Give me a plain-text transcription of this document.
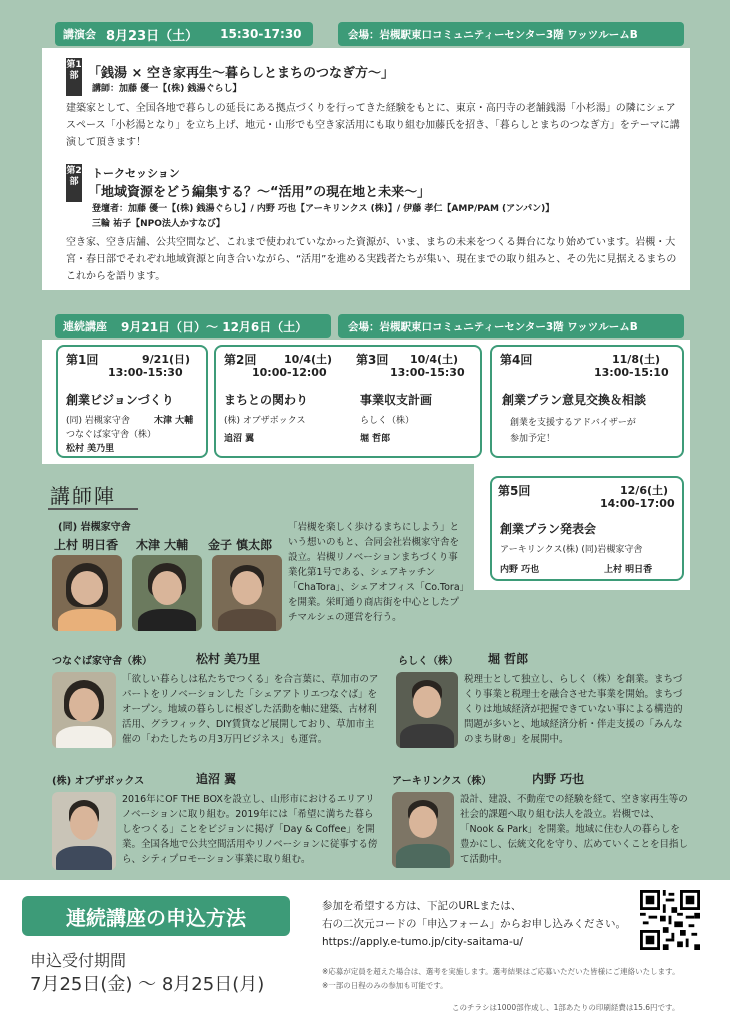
講演会 8月23日（土） 15:30-17:30	会場：岩槻駅東口コミュニティーセンター3階 ワッツルームB
第1部 「銭湯 × 空き家再生〜暮らしとまちのつなぎ方〜」
講師：加藤 優一【(株) 銭湯ぐらし】
建築家として、全国各地で暮らしの延長にある拠点づくりを行ってきた経験をもとに、東京・高円寺の老舗銭湯「小杉湯」の隣にシェアスペース「小杉湯となり」を立ち上げ、地元・山形でも空き家活用にも取り組む加藤氏を招き、「暮らしとまちのつなぎ方」をテーマに講演して頂きます！
第2部
トークセッション
「地域資源をどう編集する？〜“活用”の現在地と未来〜」
登壇者：加藤 優一【(株) 銭湯ぐらし】/ 内野 巧也【アーキリンクス (株)】/ 伊藤 孝仁【AMP/PAM (アンパン)】
三輪 祐子【NPO法人かすなび】
空き家、空き店舗、公共空間など、これまで使われていなかった資源が、いま、まちの未来をつくる舞台になり始めています。岩槻・大宮・春日部でそれぞれ地域資源と向き合いながら、“活用”を進める実践者たちが集い、現在までの取り組みと、その先に見据えるまちのこれからを語ります。
連続講座 9月21日（日）〜 12月6日（土）	会場：岩槻駅東口コミュニティーセンター3階 ワッツルームB
第1回	9/21(日)
13:00-15:30
創業ビジョンづくり
(同) 岩槻家守舎	木津 大輔
つなぐば家守舎（株）
松村 美乃里
第2回	10/4(土)
10:00-12:00
まちとの関わり
(株) オブザボックス
追沼 翼
第3回 10/4(土)
13:00-15:30
事業収支計画
らしく（株）
堀 哲郎
第4回	11/8(土)
13:00-15:10
創業プラン意見交換＆相談
創業を支援するアドバイザーが
参加予定！
第5回	12/6(土)
14:00-17:00
創業プラン発表会
アーキリンクス(株) (同)岩槻家守舎
内野 巧也	上村 明日香
講師陣
(同) 岩槻家守舎
上村 明日香 木津 大輔 金子 慎太郎
「岩槻を楽しく歩けるまちにしよう」という想いのもと、合同会社岩槻家守舎を設立。岩槻リノベーションまちづくり事業化第1号である、シェアキッチン「ChaTora」、シェアオフィス「Co.Tora」を開業。栄町通り商店街を中心としたプチマルシェの運営を行う。
つなぐば家守舎（株）	松村 美乃里
「欲しい暮らしは私たちでつくる」を合言葉に、草加市のアパートをリノベーションした「シェアアトリエつなぐば」をオープン。地域の暮らしに根ざした活動を軸に建築、古材利活用、グラフィック、DIY賃貸など展開しており、草加市主催の「わたしたちの月3万円ビジネス」も運営。
らしく（株）	堀 哲郎
税理士として独立し、らしく（株）を創業。まちづくり事業と税理士を融合させた事業を開始。まちづくりは地域経済が把握できていない事による構造的問題が多いと、地域経済分析・伴走支援の「みんなのまち財®」を展開中。
(株) オブザボックス	追沼 翼
2016年にOF THE BOXを設立し、山形市におけるエリアリノベーションに取り組む。2019年には「希望に満ちた暮らしをつくる」ことをビジョンに掲げ「Day & Coffee」を開業。全国各地で公共空間活用やリノベーションに従事する傍ら、シティプロモーション事業に取り組む。
アーキリンクス（株）	内野 巧也
設計、建設、不動産での経験を経て、空き家再生等の社会的課題へ取り組む法人を設立。岩槻では、「Nook & Park」を開業。地域に住む人の暮らしを豊かにし、伝統文化を守り、広めていくことを目指して活動中。
連続講座の申込方法
申込受付期間
7月25日(金) 〜 8月25日(月)
参加を希望する方は、下記のURLまたは、
右の二次元コードの「申込フォーム」からお申し込みください。
https://apply.e-tumo.jp/city-saitama-u/
※応募が定員を超えた場合は、選考を実施します。選考結果はご応募いただいた皆様にご連絡いたします。
※一部の日程のみの参加も可能です。
このチラシは1000部作成し、1部あたりの印刷経費は15.6円です。
